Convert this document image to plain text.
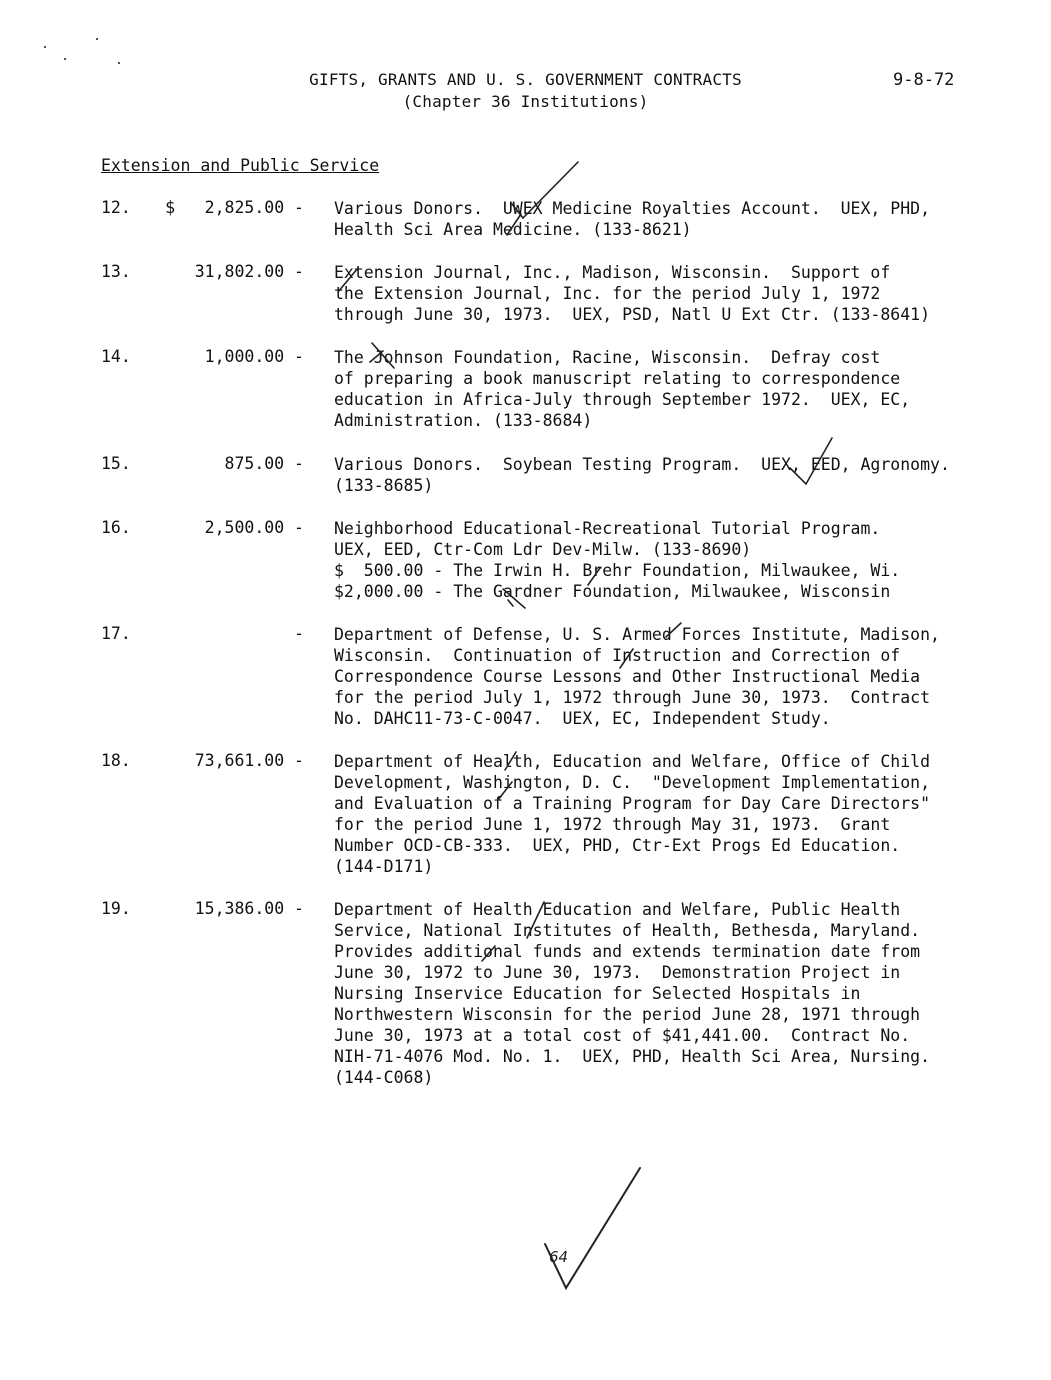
GIFTS, GRANTS AND U. S. GOVERNMENT CONTRACTS
(Chapter 36 Institutions)
9-8-72
Extension and Public Service
12. $ 2,825.00 - Various Donors.  UWEX Medicine Royalties Account.  UEX, PHD,
Health Sci Area Medicine. (133-8621)
13.	31,802.00 - Extension Journal, Inc., Madison, Wisconsin.  Support of
the Extension Journal, Inc. for the period July 1, 1972
through June 30, 1973.  UEX, PSD, Natl U Ext Ctr. (133-8641)
14.	1,000.00 - The Johnson Foundation, Racine, Wisconsin.  Defray cost
of preparing a book manuscript relating to correspondence
education in Africa-July through September 1972.  UEX, EC,
Administration. (133-8684)
15.	875.00 - Various Donors.  Soybean Testing Program.  UEX, EED, Agronomy.
(133-8685)
16.	2,500.00 - Neighborhood Educational-Recreational Tutorial Program.
UEX, EED, Ctr-Com Ldr Dev-Milw. (133-8690)
$  500.00 - The Irwin H. Brehr Foundation, Milwaukee, Wi.
$2,000.00 - The Gardner Foundation, Milwaukee, Wisconsin
17.	- Department of Defense, U. S. Armed Forces Institute, Madison,
Wisconsin.  Continuation of Instruction and Correction of
Correspondence Course Lessons and Other Instructional Media
for the period July 1, 1972 through June 30, 1973.  Contract
No. DAHC11-73-C-0047.  UEX, EC, Independent Study.
18.	73,661.00 - Department of Health, Education and Welfare, Office of Child
Development, Washington, D. C.  "Development Implementation,
and Evaluation of a Training Program for Day Care Directors"
for the period June 1, 1972 through May 31, 1973.  Grant
Number OCD-CB-333.  UEX, PHD, Ctr-Ext Progs Ed Education.
(144-D171)
19.	15,386.00 - Department of Health Education and Welfare, Public Health
Service, National Institutes of Health, Bethesda, Maryland.
Provides additional funds and extends termination date from
June 30, 1972 to June 30, 1973.  Demonstration Project in
Nursing Inservice Education for Selected Hospitals in
Northwestern Wisconsin for the period June 28, 1971 through
June 30, 1973 at a total cost of $41,441.00.  Contract No.
NIH-71-4076 Mod. No. 1.  UEX, PHD, Health Sci Area, Nursing.
(144-C068)
64
